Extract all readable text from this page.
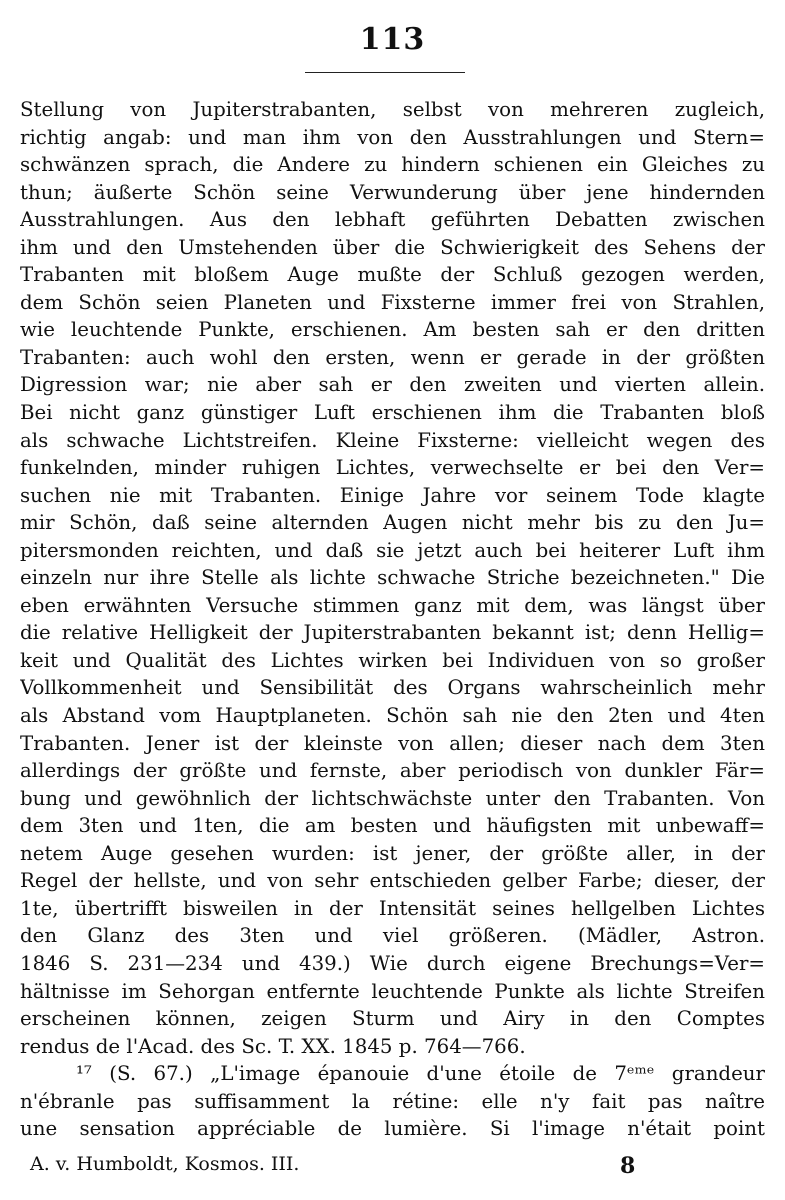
113
Stellung von Jupiterstrabanten, selbst von mehreren zugleich,
richtig angab: und man ihm von den Ausstrahlungen und Stern=
schwänzen sprach, die Andere zu hindern schienen ein Gleiches zu
thun; äußerte Schön seine Verwunderung über jene hindernden
Ausstrahlungen. Aus den lebhaft geführten Debatten zwischen
ihm und den Umstehenden über die Schwierigkeit des Sehens der
Trabanten mit bloßem Auge mußte der Schluß gezogen werden,
dem Schön seien Planeten und Fixsterne immer frei von Strahlen,
wie leuchtende Punkte, erschienen. Am besten sah er den dritten
Trabanten: auch wohl den ersten, wenn er gerade in der größten
Digression war; nie aber sah er den zweiten und vierten allein.
Bei nicht ganz günstiger Luft erschienen ihm die Trabanten bloß
als schwache Lichtstreifen. Kleine Fixsterne: vielleicht wegen des
funkelnden, minder ruhigen Lichtes, verwechselte er bei den Ver=
suchen nie mit Trabanten. Einige Jahre vor seinem Tode klagte
mir Schön, daß seine alternden Augen nicht mehr bis zu den Ju=
pitersmonden reichten, und daß sie jetzt auch bei heiterer Luft ihm
einzeln nur ihre Stelle als lichte schwache Striche bezeichneten." Die
eben erwähnten Versuche stimmen ganz mit dem, was längst über
die relative Helligkeit der Jupiterstrabanten bekannt ist; denn Hellig=
keit und Qualität des Lichtes wirken bei Individuen von so großer
Vollkommenheit und Sensibilität des Organs wahrscheinlich mehr
als Abstand vom Hauptplaneten. Schön sah nie den 2ten und 4ten
Trabanten. Jener ist der kleinste von allen; dieser nach dem 3ten
allerdings der größte und fernste, aber periodisch von dunkler Fär=
bung und gewöhnlich der lichtschwächste unter den Trabanten. Von
dem 3ten und 1ten, die am besten und häufigsten mit unbewaff=
netem Auge gesehen wurden: ist jener, der größte aller, in der
Regel der hellste, und von sehr entschieden gelber Farbe; dieser, der
1te, übertrifft bisweilen in der Intensität seines hellgelben Lichtes
den Glanz des 3ten und viel größeren. (Mädler, Astron.
1846 S. 231—234 und 439.) Wie durch eigene Brechungs=Ver=
hältnisse im Sehorgan entfernte leuchtende Punkte als lichte Streifen
erscheinen können, zeigen Sturm und Airy in den Comptes
rendus de l'Acad. des Sc. T. XX. 1845 p. 764—766.
¹⁷ (S. 67.) „L'image épanouie d'une étoile de 7ᵉᵐᵉ grandeur
n'ébranle pas suffisamment la rétine: elle n'y fait pas naître
une sensation appréciable de lumière. Si l'image n'était point
A. v. Humboldt, Kosmos. III.	8
